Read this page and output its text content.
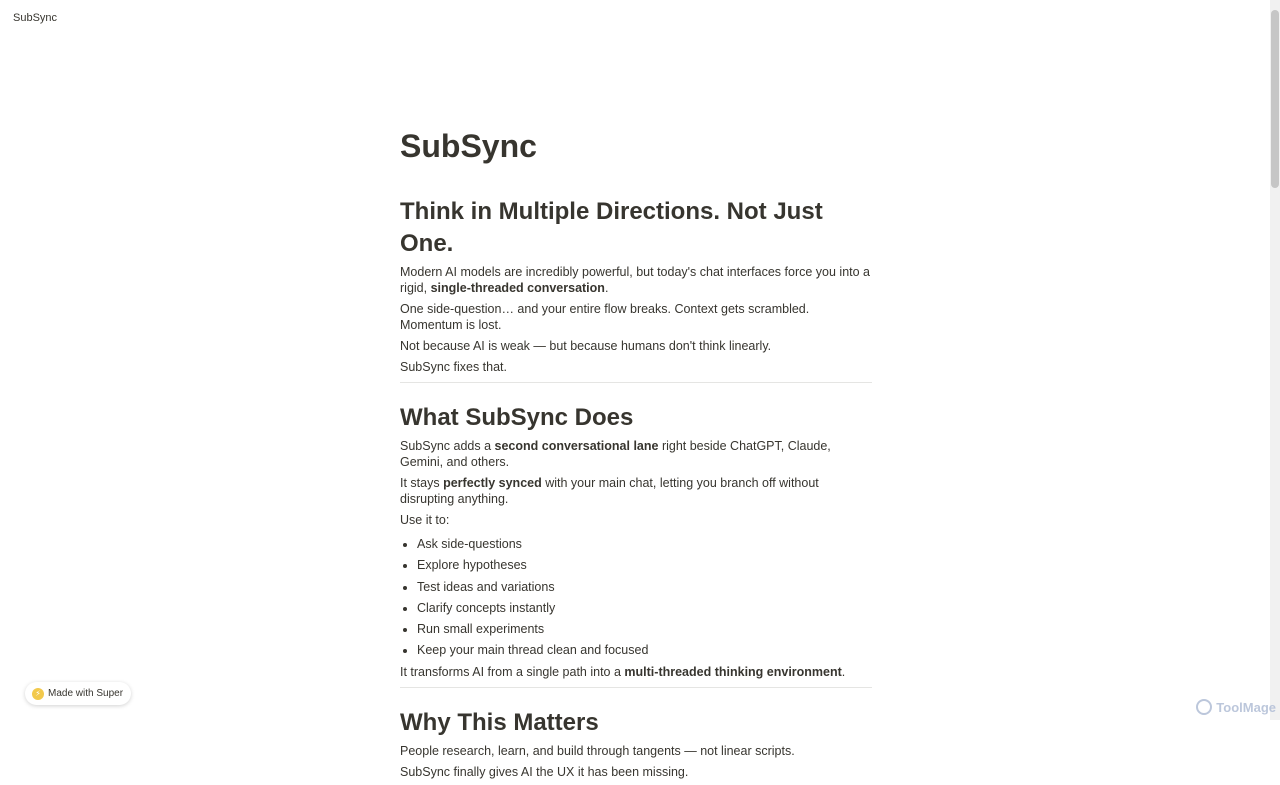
SubSync
SubSync
Think in Multiple Directions. Not Just One.

Modern AI models are incredibly powerful, but today's chat interfaces force you into a rigid, single-threaded conversation.

One side-question… and your entire flow breaks. Context gets scrambled. Momentum is lost.

Not because AI is weak — but because humans don't think linearly.

SubSync fixes that.

What SubSync Does

SubSync adds a second conversational lane right beside ChatGPT, Claude, Gemini, and others.

It stays perfectly synced with your main chat, letting you branch off without disrupting anything.

Use it to:

• Ask side-questions
• Explore hypotheses
• Test ideas and variations
• Clarify concepts instantly
• Run small experiments
• Keep your main thread clean and focused

It transforms AI from a single path into a multi-threaded thinking environment.

Why This Matters

People research, learn, and build through tangents — not linear scripts.

SubSync finally gives AI the UX it has been missing.

⚡ Made with Super
ToolMage
